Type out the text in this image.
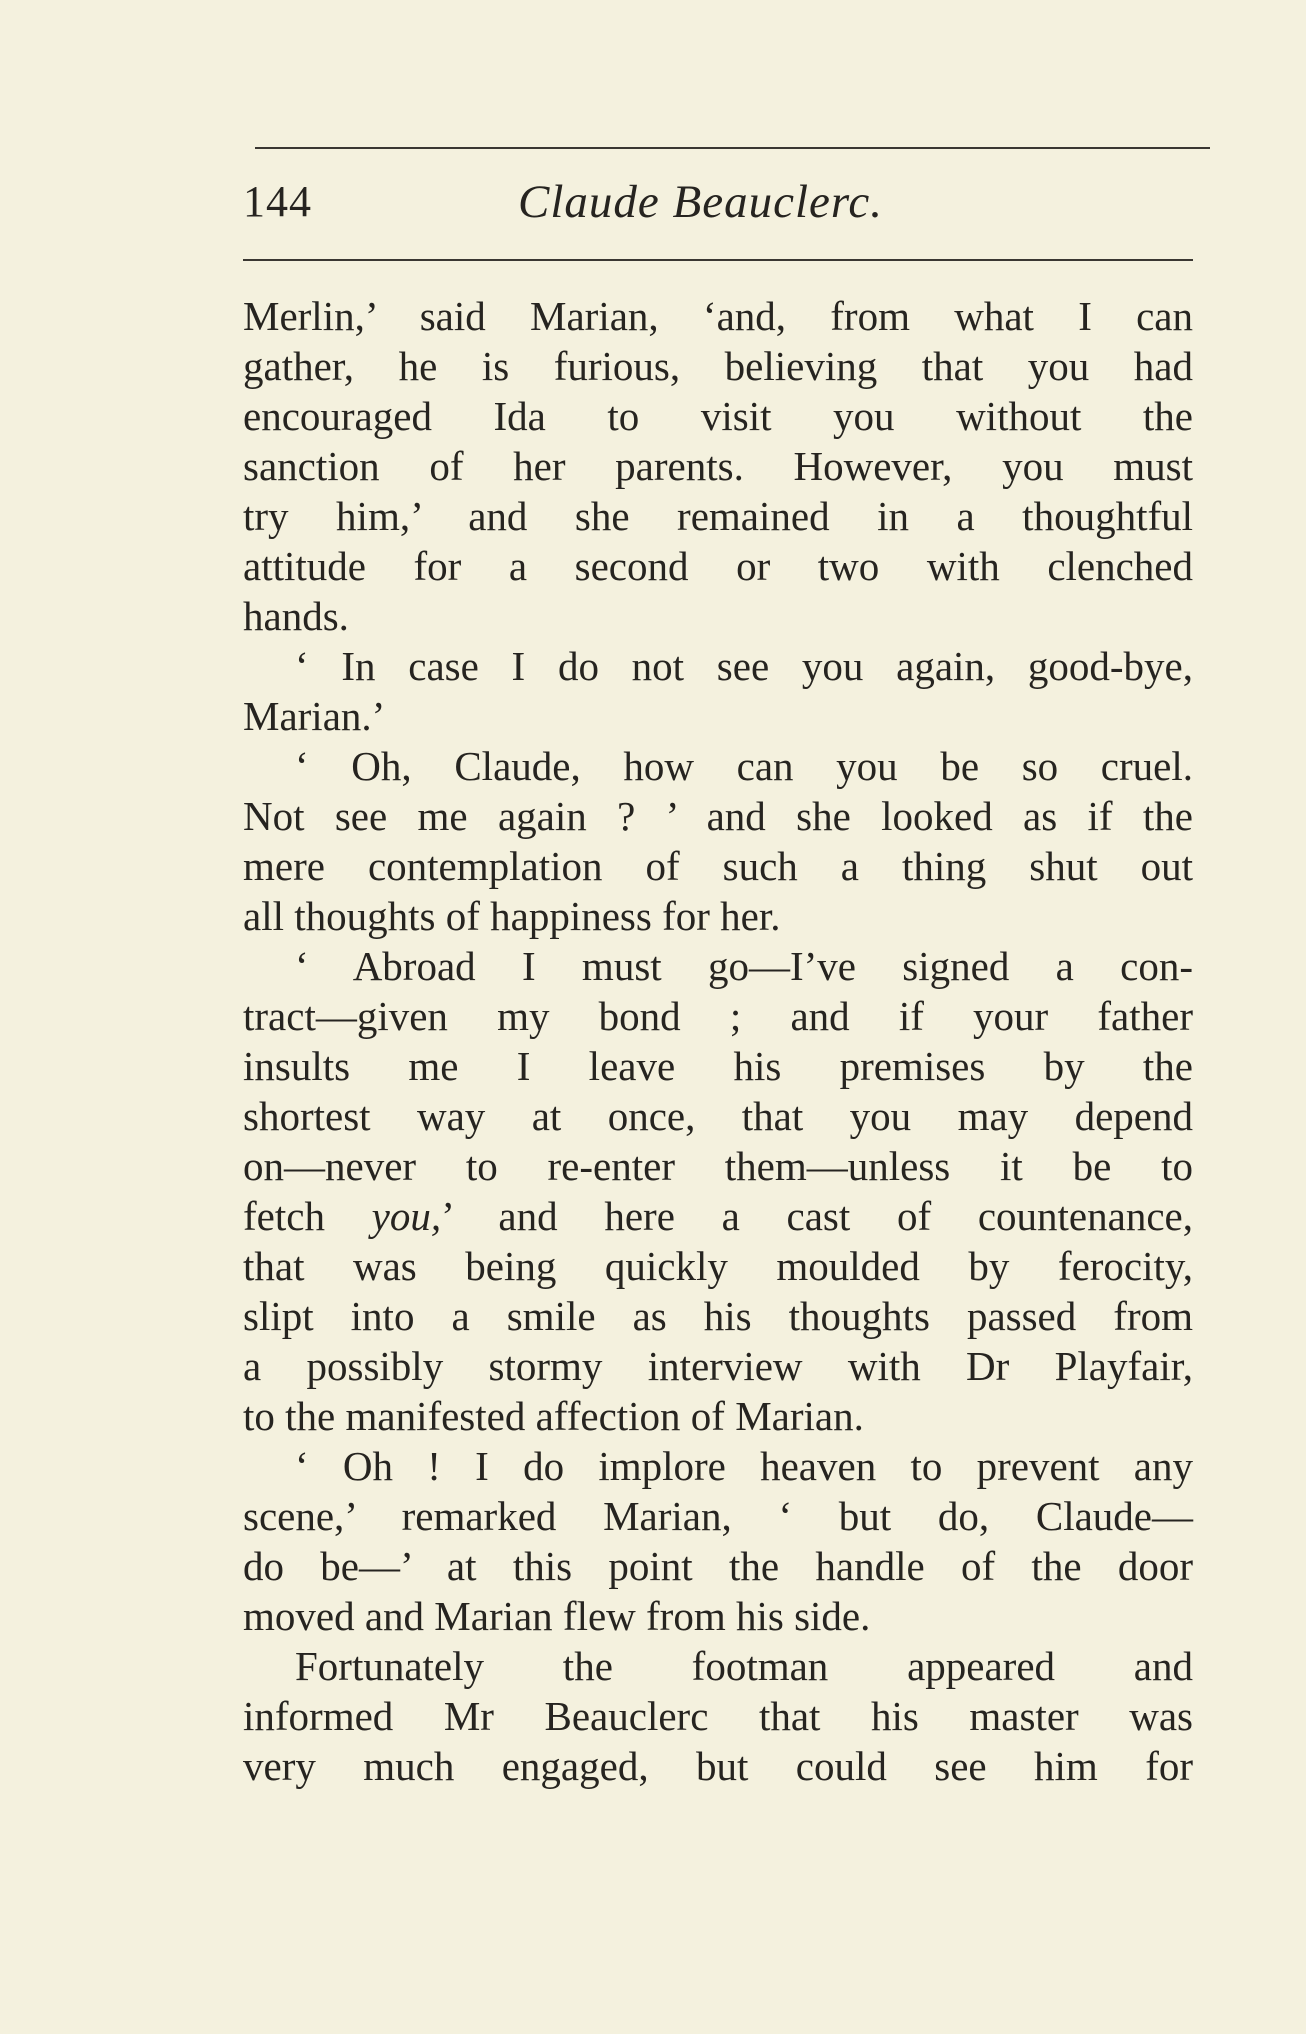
144	Claude Beauclerc.
Merlin,’ said Marian, ‘and, from what I can
gather, he is furious, believing that you had
encouraged Ida to visit you without the
sanction of her parents. However, you must
try him,’ and she remained in a thoughtful
attitude for a second or two with clenched
hands.
‘ In case I do not see you again, good-bye,
Marian.’
‘ Oh, Claude, how can you be so cruel.
Not see me again ? ’ and she looked as if the
mere contemplation of such a thing shut out
all thoughts of happiness for her.
‘ Abroad I must go—I’ve signed a con-
tract—given my bond ; and if your father
insults me I leave his premises by the
shortest way at once, that you may depend
on—never to re-enter them—unless it be to
fetch you,’ and here a cast of countenance,
that was being quickly moulded by ferocity,
slipt into a smile as his thoughts passed from
a possibly stormy interview with Dr Playfair,
to the manifested affection of Marian.
‘ Oh ! I do implore heaven to prevent any
scene,’ remarked Marian, ‘ but do, Claude—
do be—’ at this point the handle of the door
moved and Marian flew from his side.
Fortunately the footman appeared and
informed Mr Beauclerc that his master was
very much engaged, but could see him for
